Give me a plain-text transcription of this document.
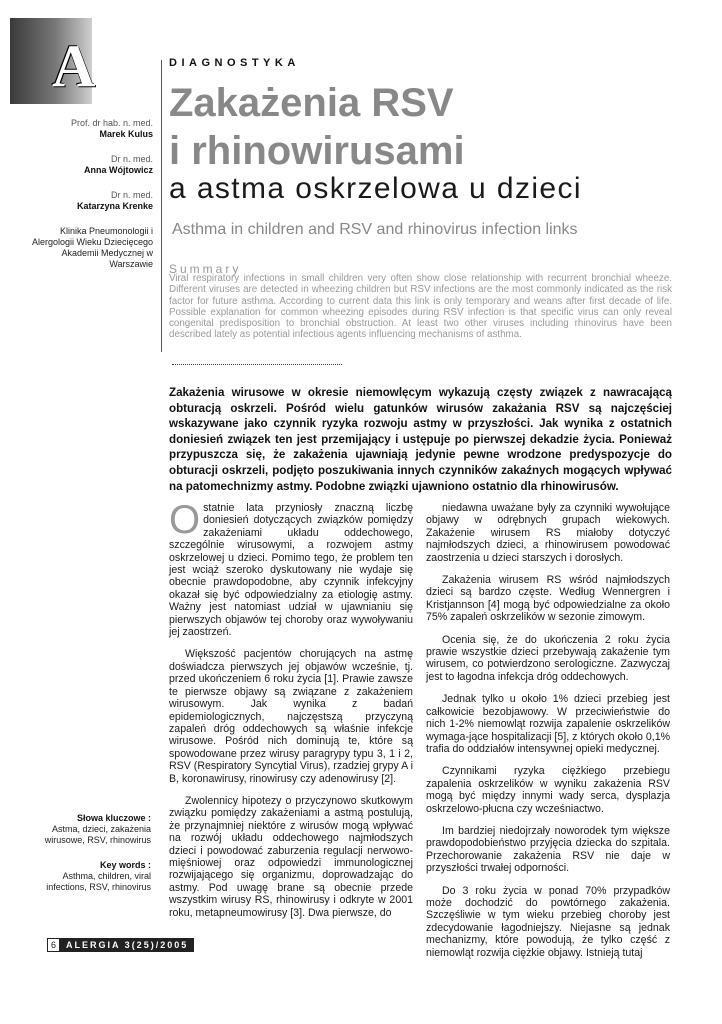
A	DIAGNOSTYKA
Zakażenia RSV
i rhinowirusami
a astma oskrzelowa u dzieci
Asthma in children and RSV and rhinovirus infection links
Prof. dr hab. n. med.
Marek Kulus
Dr n. med.
Anna Wójtowicz
Dr n. med.
Katarzyna Krenke
Klinika Pneumonologii i Alergologii Wieku Dziecięcego Akademii Medycznej w Warszawie Summary
Viral respiratory infections in small children very often show close relationship with recurrent bronchial wheeze. Different viruses are detected in wheezing children but RSV infections are the most commonly indicated as the risk factor for future asthma. According to current data this link is only temporary and weans after first decade of life. Possible explanation for common wheezing episodes during RSV infection is that specific virus can only reveal congenital predisposition to bronchial obstruction. At least two other viruses including rhinovirus have been described lately as potential infectious agents influencing mechanisms of asthma.
Zakażenia wirusowe w okresie niemowlęcym wykazują częsty związek z nawracającą obturacją oskrzeli. Pośród wielu gatunków wirusów zakażania RSV są najczęściej wskazywane jako czynnik ryzyka rozwoju astmy w przyszłości. Jak wynika z ostatnich doniesień związek ten jest przemijający i ustępuje po pierwszej dekadzie życia. Ponieważ przypuszcza się, że zakażenia ujawniają jedynie pewne wrodzone predyspozycje do obturacji oskrzeli, podjęto poszukiwania innych czynników zakaźnych mogących wpływać na patomechnizmy astmy. Podobne związki ujawniono ostatnio dla rhinowirusów.

Ostatnie lata przyniosły znaczną liczbę doniesień dotyczących związków pomiędzy zakażeniami układu oddechowego, szczególnie wirusowymi, a rozwojem astmy oskrzelowej u dzieci. Pomimo tego, że problem ten jest wciąż szeroko dyskutowany nie wydaje się obecnie prawdopodobne, aby czynnik infekcyjny okazał się być odpowiedzialny za etiologię astmy. Ważny jest natomiast udział w ujawnianiu się pierwszych objawów tej choroby oraz wywoływaniu jej zaostrzeń.

Większość pacjentów chorujących na astmę doświadcza pierwszych jej objawów wcześnie, tj. przed ukończeniem 6 roku życia [1]. Prawie zawsze te pierwsze objawy są związane z zakażeniem wirusowym. Jak wynika z badań epidemiologicznych, najczęstszą przyczyną zapaleń dróg oddechowych są właśnie infekcje wirusowe. Pośród nich dominują te, które są spowodowane przez wirusy paragrypy typu 3, 1 i 2, RSV (Respiratory Syncytial Virus), rzadziej grypy A i B, koronawirusy, rinowirusy czy adenowirusy [2].

Zwolennicy hipotezy o przyczynowo skutkowym związku pomiędzy zakażeniami a astmą postulują, że przynajmniej niektóre z wirusów mogą wpływać na rozwój układu oddechowego najmłodszych dzieci i powodować zaburzenia regulacji nerwowo-mięśniowej oraz odpowiedzi immunologicznej rozwijającego się organizmu, doprowadzając do astmy. Pod uwagę brane są obecnie przede wszystkim wirusy RS, rhinowirusy i odkryte w 2001 roku, metapneumowirusy [3]. Dwa pierwsze, do

niedawna uważane były za czynniki wywołujące objawy w odrębnych grupach wiekowych. Zakażenie wirusem RS miałoby dotyczyć najmłodszych dzieci, a rhinowirusem powodować zaostrzenia u dzieci starszych i dorosłych.

Zakażenia wirusem RS wśród najmłodszych dzieci są bardzo częste. Według Wennergren i Kristjannson [4] mogą być odpowiedzialne za około 75% zapaleń oskrzelików w sezonie zimowym.

Ocenia się, że do ukończenia 2 roku życia prawie wszystkie dzieci przebywają zakażenie tym wirusem, co potwierdzono serologiczne. Zazwyczaj jest to łagodna infekcja dróg oddechowych.

Jednak tylko u około 1% dzieci przebieg jest całkowicie bezobjawowy. W przeciwieństwie do nich 1-2% niemowląt rozwija zapalenie oskrzelików wymaga-jące hospitalizacji [5], z których około 0,1% trafia do oddziałów intensywnej opieki medycznej.

Czynnikami ryzyka ciężkiego przebiegu zapalenia oskrzelików w wyniku zakażenia RSV mogą być między innymi wady serca, dysplazja oskrzelowo-płucna czy wcześniactwo.

Im bardziej niedojrzały noworodek tym większe prawdopodobieństwo przyjęcia dziecka do szpitala. Przechorowanie zakażenia RSV nie daje w przyszłości trwałej odporności.

Do 3 roku życia w ponad 70% przypadków może dochodzić do powtórnego zakażenia. Szczęśliwie w tym wieku przebieg choroby jest zdecydowanie łagodniejszy. Niejasne są jednak mechanizmy, które powodują, że tylko część z niemowląt rozwija ciężkie objawy. Istnieją tutaj

Słowa kluczowe :
Astma, dzieci, zakażenia wirusowe, RSV, rhinowirus
Key words :
Asthma, children, viral infections, RSV, rhinovirus
6	ALERGIA 3(25)/2005
